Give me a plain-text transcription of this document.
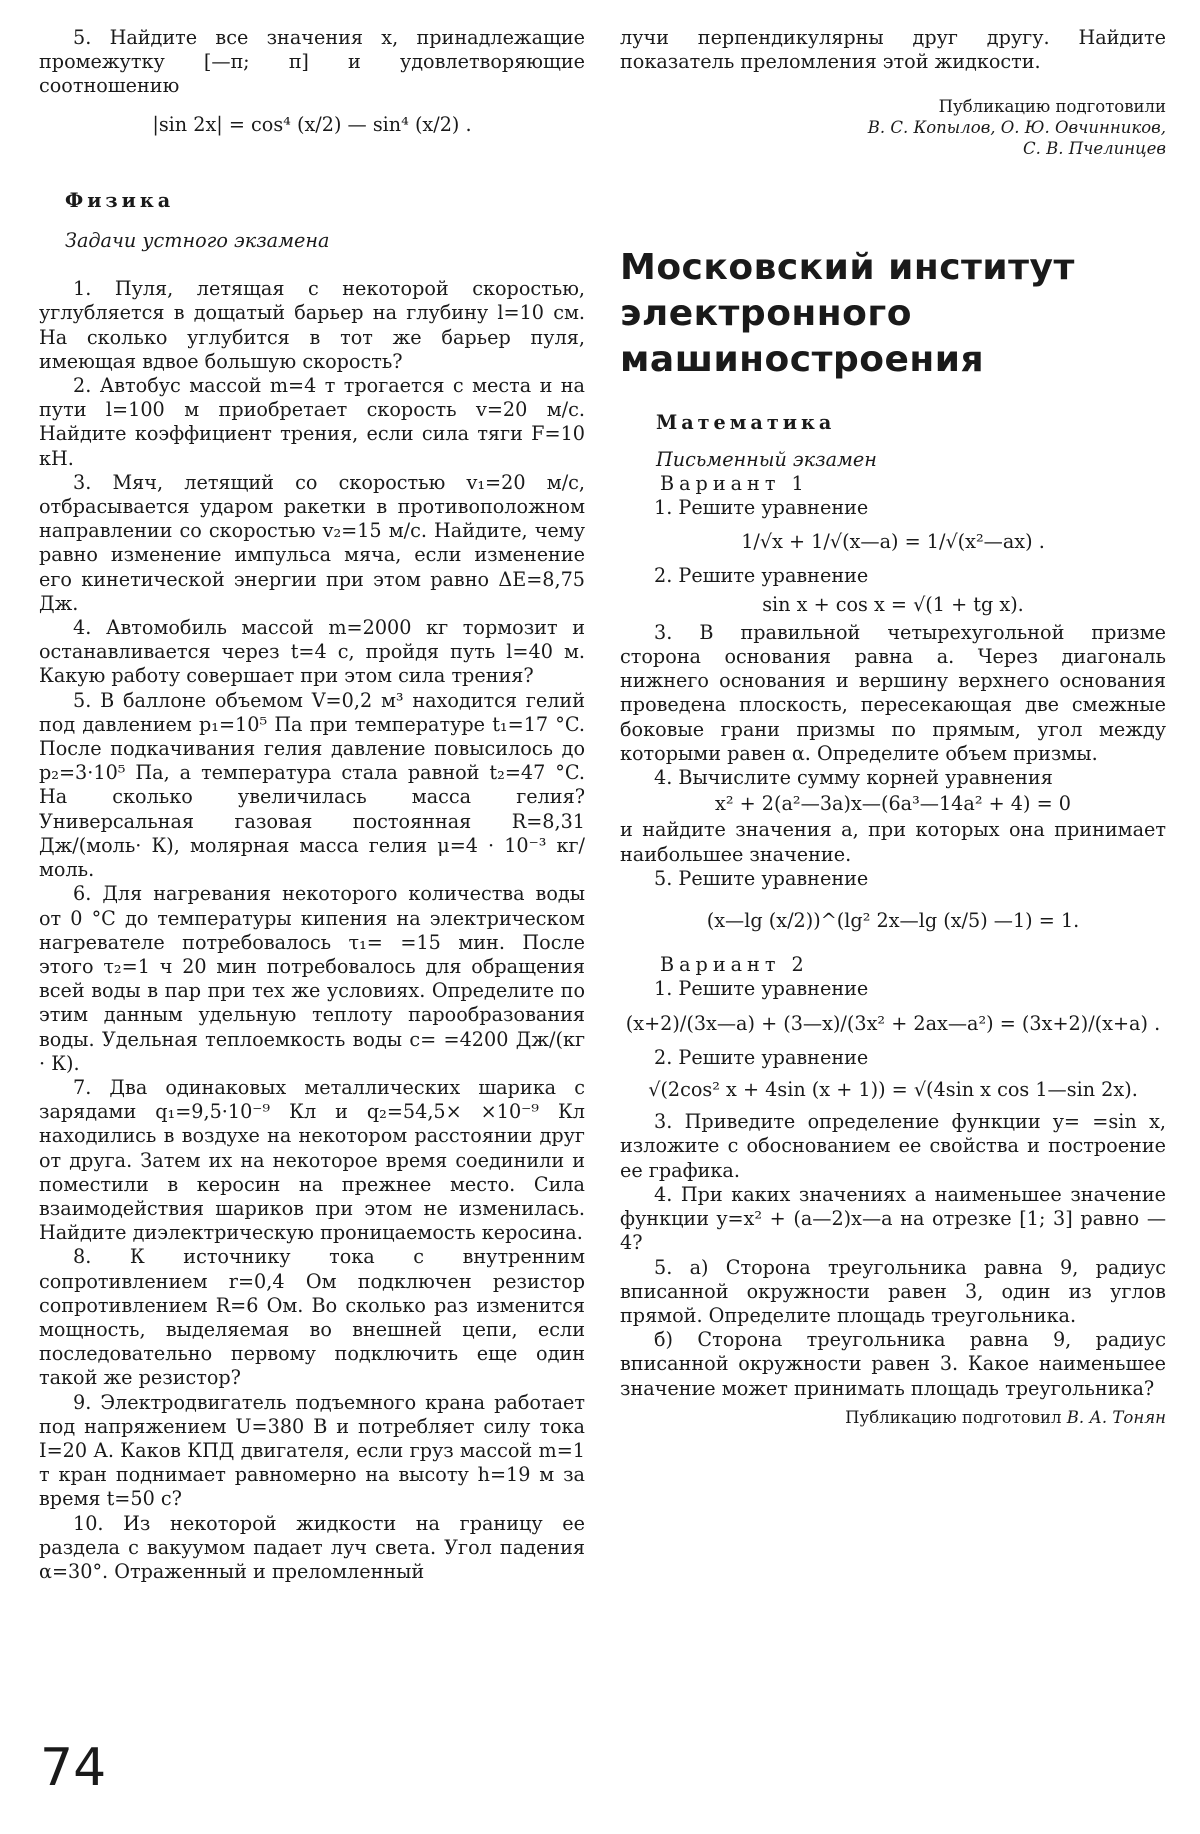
5. Найдите все значения x, принадлежащие промежутку [—π; π] и удовлетворяющие соотношению

|sin 2x| = cos⁴ (x/2) — sin⁴ (x/2) .

Физика

Задачи устного экзамена

1. Пуля, летящая с некоторой скоростью, углубляется в дощатый барьер на глубину l=10 см. На сколько углубится в тот же барьер пуля, имеющая вдвое большую скорость?

2. Автобус массой m=4 т трогается с места и на пути l=100 м приобретает скорость v=20 м/с. Найдите коэффициент трения, если сила тяги F=10 кН.

3. Мяч, летящий со скоростью v₁=20 м/с, отбрасывается ударом ракетки в противоположном направлении со скоростью v₂=15 м/с. Найдите, чему равно изменение импульса мяча, если изменение его кинетической энергии при этом равно ΔE=8,75 Дж.

4. Автомобиль массой m=2000 кг тормозит и останавливается через t=4 с, пройдя путь l=40 м. Какую работу совершает при этом сила трения?

5. В баллоне объемом V=0,2 м³ находится гелий под давлением p₁=10⁵ Па при температуре t₁=17 °C. После подкачивания гелия давление повысилось до p₂=3·10⁵ Па, а температура стала равной t₂=47 °C. На сколько увеличилась масса гелия? Универсальная газовая постоянная R=8,31 Дж/(моль· К), молярная масса гелия μ=4 · 10⁻³ кг/моль.

6. Для нагревания некоторого количества воды от 0 °C до температуры кипения на электрическом нагревателе потребовалось τ₁= =15 мин. После этого τ₂=1 ч 20 мин потребовалось для обращения всей воды в пар при тех же условиях. Определите по этим данным удельную теплоту парообразования воды. Удельная теплоемкость воды c= =4200 Дж/(кг · К).

7. Два одинаковых металлических шарика с зарядами q₁=9,5·10⁻⁹ Кл и q₂=54,5× ×10⁻⁹ Кл находились в воздухе на некотором расстоянии друг от друга. Затем их на некоторое время соединили и поместили в керосин на прежнее место. Сила взаимодействия шариков при этом не изменилась. Найдите диэлектрическую проницаемость керосина.

8. К источнику тока с внутренним сопротивлением r=0,4 Ом подключен резистор сопротивлением R=6 Ом. Во сколько раз изменится мощность, выделяемая во внешней цепи, если последовательно первому подключить еще один такой же резистор?

9. Электродвигатель подъемного крана работает под напряжением U=380 В и потребляет силу тока I=20 А. Каков КПД двигателя, если груз массой m=1 т кран поднимает равномерно на высоту h=19 м за время t=50 с?

10. Из некоторой жидкости на границу ее раздела с вакуумом падает луч света. Угол падения α=30°. Отраженный и преломленный

74

лучи перпендикулярны друг другу. Найдите показатель преломления этой жидкости.

Публикацию подготовили

В. С. Копылов, О. Ю. Овчинников,

С. В. Пчелинцев

Московский институт
электронного
машиностроения

Математика

Письменный экзамен

Вариант 1

1. Решите уравнение

1/√x + 1/√(x—a) = 1/√(x²—ax) .

2. Решите уравнение

sin x + cos x = √(1 + tg x).

3. В правильной четырехугольной призме сторона основания равна a. Через диагональ нижнего основания и вершину верхнего основания проведена плоскость, пересекающая две смежные боковые грани призмы по прямым, угол между которыми равен α. Определите объем призмы.

4. Вычислите сумму корней уравнения

x² + 2(a²—3a)x—(6a³—14a² + 4) = 0

и найдите значения a, при которых она принимает наибольшее значение.

5. Решите уравнение

(x—lg (x/2))^(lg² 2x—lg (x/5) —1) = 1.

Вариант 2

1. Решите уравнение

(x+2)/(3x—a) + (3—x)/(3x² + 2ax—a²) = (3x+2)/(x+a) .

2. Решите уравнение

√(2cos² x + 4sin (x + 1)) = √(4sin x cos 1—sin 2x).

3. Приведите определение функции y= =sin x, изложите с обоснованием ее свойства и построение ее графика.

4. При каких значениях a наименьшее значение функции y=x² + (a—2)x—a на отрезке [1; 3] равно —4?

5. а) Сторона треугольника равна 9, радиус вписанной окружности равен 3, один из углов прямой. Определите площадь треугольника.

б) Сторона треугольника равна 9, радиус вписанной окружности равен 3. Какое наименьшее значение может принимать площадь треугольника?

Публикацию подготовил В. А. Тонян
